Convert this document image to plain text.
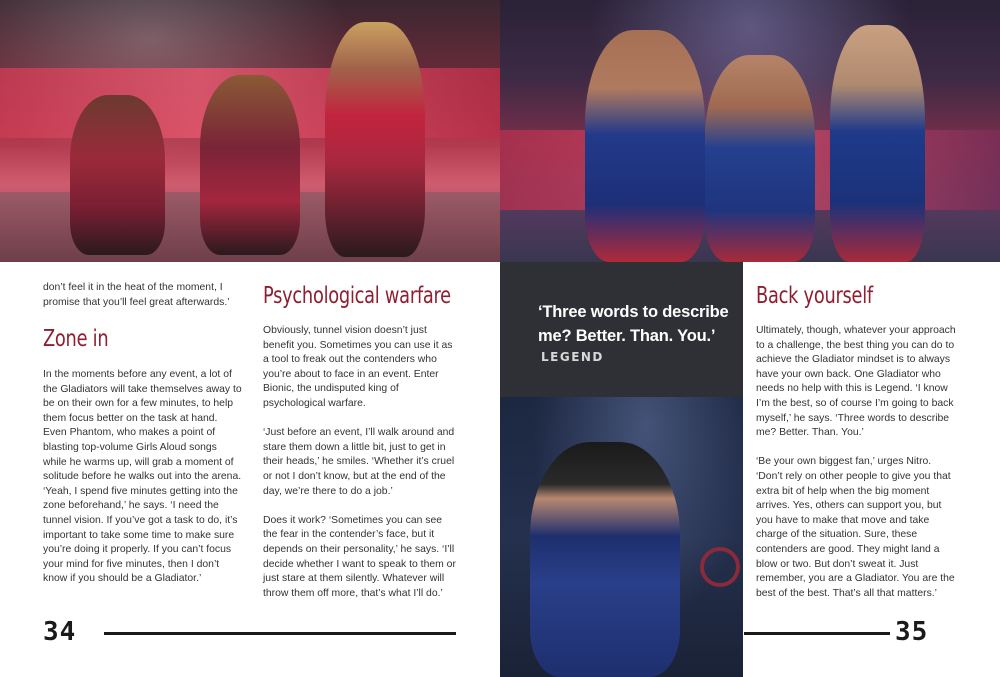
‘Three words to describe me? Better. Than. You.’
LEGEND

don’t feel it in the heat of the moment, I promise that you’ll feel great afterwards.’

Zone in

In the moments before any event, a lot of the Gladiators will take themselves away to be on their own for a few minutes, to help them focus better on the task at hand. Even Phantom, who makes a point of blasting top-volume Girls Aloud songs while he warms up, will grab a moment of solitude before he walks out into the arena. ‘Yeah, I spend five minutes getting into the zone beforehand,’ he says. ‘I need the tunnel vision. If you’ve got a task to do, it’s important to take some time to make sure you’re doing it properly. If you can’t focus your mind for five minutes, then I don’t know if you should be a Gladiator.’

Psychological warfare

Obviously, tunnel vision doesn’t just benefit you. Sometimes you can use it as a tool to freak out the contenders who you’re about to face in an event. Enter Bionic, the undisputed king of psychological warfare.

‘Just before an event, I’ll walk around and stare them down a little bit, just to get in their heads,’ he smiles. ‘Whether it’s cruel or not I don’t know, but at the end of the day, we’re there to do a job.’

Does it work? ‘Sometimes you can see the fear in the contender’s face, but it depends on their personality,’ he says. ‘I’ll decide whether I want to speak to them or just stare at them silently. Whatever will throw them off more, that’s what I’ll do.’

Back yourself

Ultimately, though, whatever your approach to a challenge, the best thing you can do to achieve the Gladiator mindset is to always have your own back. One Gladiator who needs no help with this is Legend. ‘I know I’m the best, so of course I’m going to back myself,’ he says. ‘Three words to describe me? Better. Than. You.’

‘Be your own biggest fan,’ urges Nitro. ‘Don’t rely on other people to give you that extra bit of help when the big moment arrives. Yes, others can support you, but you have to make that move and take charge of the situation. Sure, these contenders are good. They might land a blow or two. But don’t sweat it. Just remember, you are a Gladiator. You are the best of the best. That’s all that matters.’

34	35
